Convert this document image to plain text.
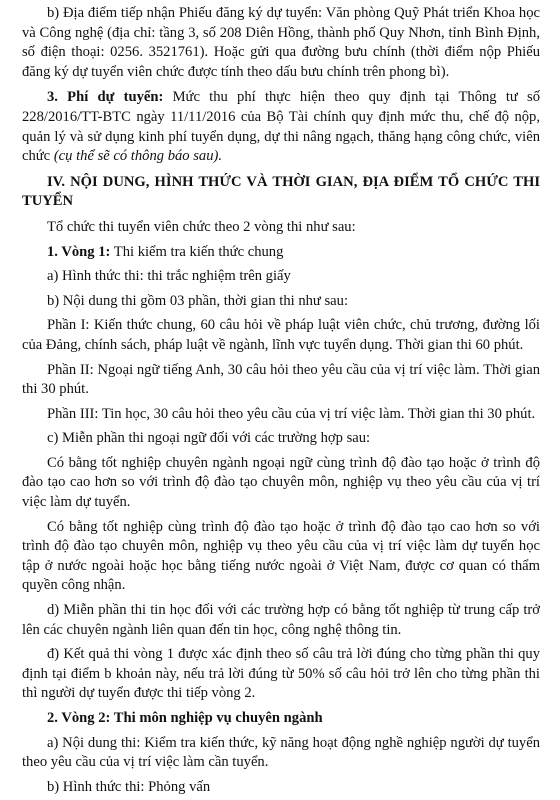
b) Địa điểm tiếp nhận Phiếu đăng ký dự tuyển: Văn phòng Quỹ Phát triển Khoa học và Công nghệ (địa chỉ: tầng 3, số 208 Diên Hồng, thành phố Quy Nhơn, tỉnh Bình Định, số điện thoại: 0256. 3521761). Hoặc gửi qua đường bưu chính (thời điểm nộp Phiếu đăng ký dự tuyển viên chức được tính theo dấu bưu chính trên phong bì).

3. Phí dự tuyển: Mức thu phí thực hiện theo quy định tại Thông tư số 228/2016/TT-BTC ngày 11/11/2016 của Bộ Tài chính quy định mức thu, chế độ nộp, quản lý và sử dụng kinh phí tuyển dụng, dự thi nâng ngạch, thăng hạng công chức, viên chức (cụ thể sẽ có thông báo sau).

IV. NỘI DUNG, HÌNH THỨC VÀ THỜI GIAN, ĐỊA ĐIỂM TỔ CHỨC THI TUYỂN

Tổ chức thi tuyển viên chức theo 2 vòng thi như sau:

1. Vòng 1: Thi kiểm tra kiến thức chung

a) Hình thức thi: thi trắc nghiệm trên giấy

b) Nội dung thi gồm 03 phần, thời gian thi như sau:

Phần I: Kiến thức chung, 60 câu hỏi về pháp luật viên chức, chủ trương, đường lối của Đảng, chính sách, pháp luật về ngành, lĩnh vực tuyển dụng. Thời gian thi 60 phút.

Phần II: Ngoại ngữ tiếng Anh, 30 câu hỏi theo yêu cầu của vị trí việc làm. Thời gian thi 30 phút.

Phần III: Tin học, 30 câu hỏi theo yêu cầu của vị trí việc làm. Thời gian thi 30 phút.

c) Miễn phần thi ngoại ngữ đối với các trường hợp sau:

Có bằng tốt nghiệp chuyên ngành ngoại ngữ cùng trình độ đào tạo hoặc ở trình độ đào tạo cao hơn so với trình độ đào tạo chuyên môn, nghiệp vụ theo yêu cầu của vị trí việc làm dự tuyển.

Có bằng tốt nghiệp cùng trình độ đào tạo hoặc ở trình độ đào tạo cao hơn so với trình độ đào tạo chuyên môn, nghiệp vụ theo yêu cầu của vị trí việc làm dự tuyển học tập ở nước ngoài hoặc học bằng tiếng nước ngoài ở Việt Nam, được cơ quan có thẩm quyền công nhận.

d) Miễn phần thi tin học đối với các trường hợp có bằng tốt nghiệp từ trung cấp trở lên các chuyên ngành liên quan đến tin học, công nghệ thông tin.

đ) Kết quả thi vòng 1 được xác định theo số câu trả lời đúng cho từng phần thi quy định tại điểm b khoản này, nếu trả lời đúng từ 50% số câu hỏi trở lên cho từng phần thi thì người dự tuyển được thi tiếp vòng 2.

2. Vòng 2: Thi môn nghiệp vụ chuyên ngành

a) Nội dung thi: Kiểm tra kiến thức, kỹ năng hoạt động nghề nghiệp người dự tuyển theo yêu cầu của vị trí việc làm cần tuyển.

b) Hình thức thi: Phỏng vấn
